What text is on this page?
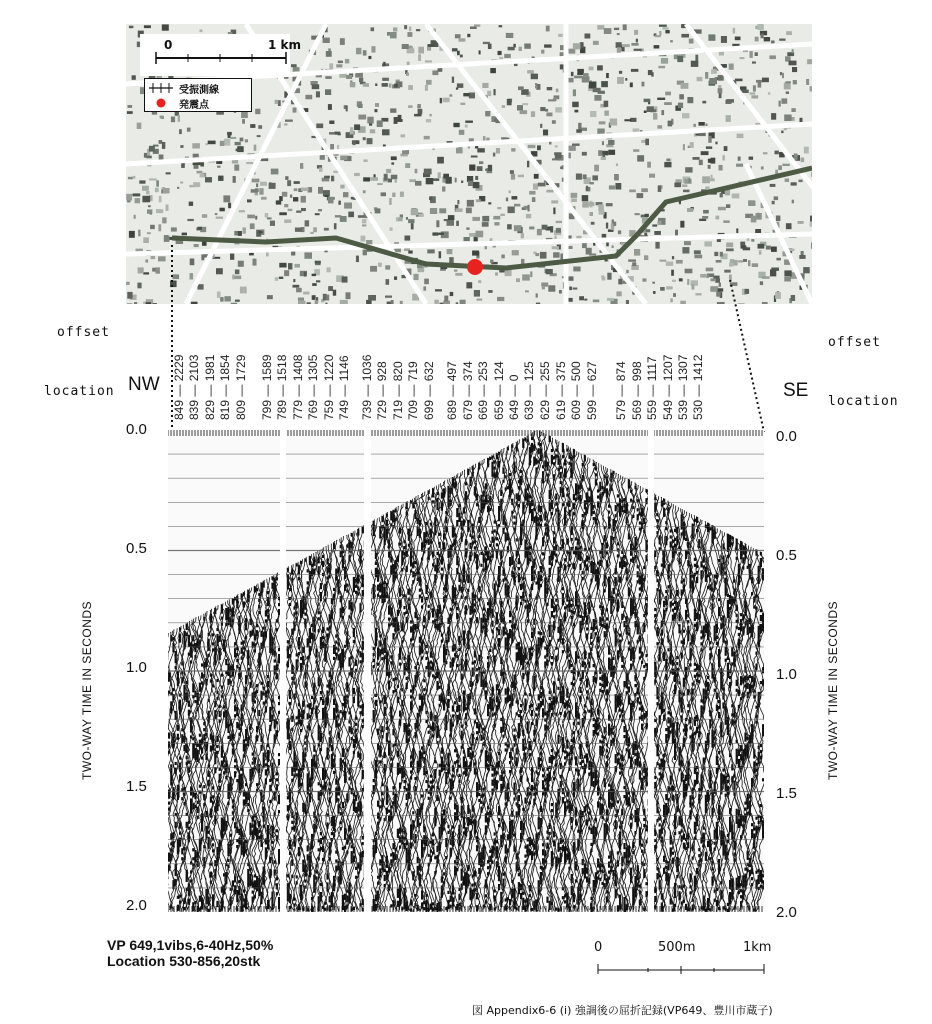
0	1 km
受振測線
発震点
offset
location
offset
location
NW	SE
849 — 2229 839 — 2103 829 — 1981 819 — 1854 809 — 1729 799 — 1589 789 — 1518 779 — 1408 769 — 1305 759 — 1220 749 — 1146 739 — 1036 729 — 928 719 — 820 709 — 719 699 — 632 689 — 497 679 — 374 669 — 253 659 — 124 649 — 0 639 — 125 629 — 255 619 — 375 609 — 500 599 — 627 579 — 874 569 — 998 559 — 1117 549 — 1207 539 — 1307 530 — 1412
0.0
0.5
1.0
1.5
2.0
0.0
0.5
1.0
1.5
2.0
TWO-WAY TIME IN SECONDS	TWO-WAY TIME IN SECONDS
VP 649,1vibs,6-40Hz,50%
Location 530-856,20stk
0	500m	1km
図 Appendix6-6 (i) 強調後の屈折記録(VP649、豊川市蔵子)
